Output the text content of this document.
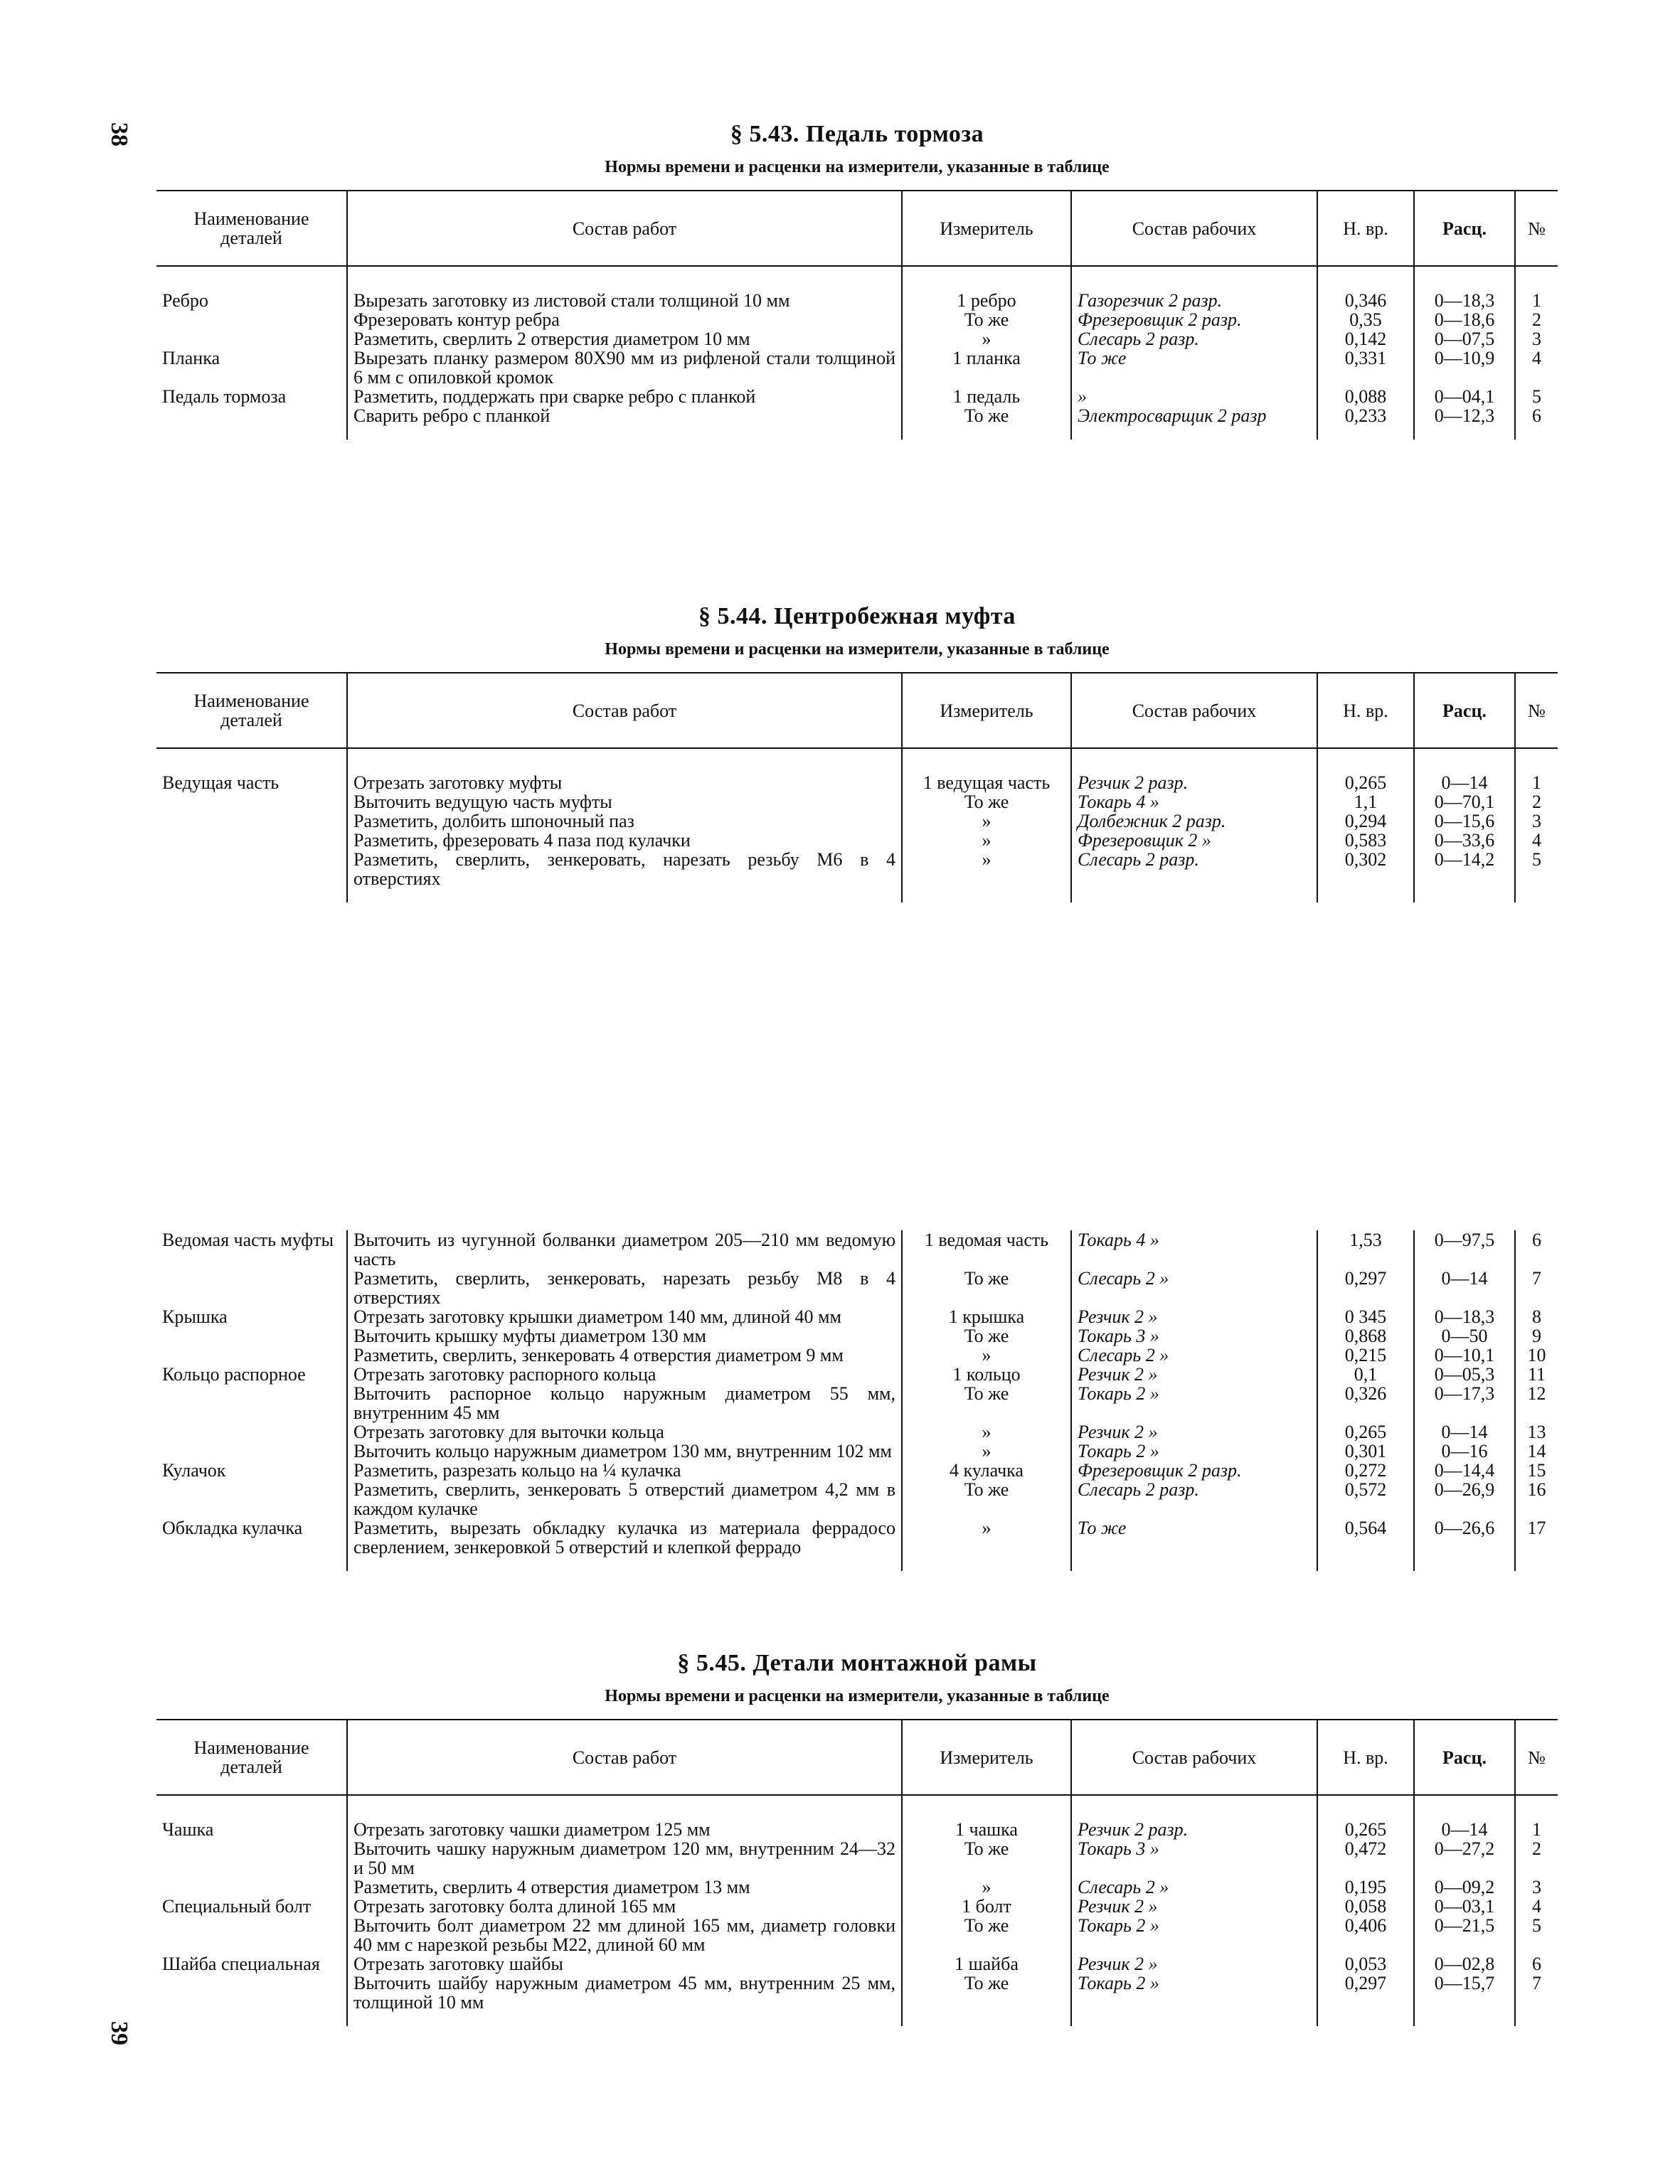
38
39
§ 5.43. Педаль тормоза
Нормы времени и расценки на измерители, указанные в таблице
Наименование деталей	Состав работ	Измеритель	Состав рабочих	Н. вр.	Расц.	№
Ребро	Вырезать заготовку из листовой стали толщиной 10 мм	1 ребро	Газорезчик 2 разр.	0,346	0—18,3	1
	Фрезеровать контур ребра	То же	Фрезеровщик 2 разр.	0,35	0—18,6	2
	Разметить, сверлить 2 отверстия диаметром 10 мм	»	Слесарь 2 разр.	0,142	0—07,5	3
Планка	Вырезать планку размером 80Х90 мм из рифленой стали толщиной 6 мм с опиловкой кромок	1 планка	То же	0,331	0—10,9	4
Педаль тормоза	Разметить, поддержать при сварке ребро с планкой	1 педаль	»	0,088	0—04,1	5
	Сварить ребро с планкой	То же	Электросварщик 2 разр	0,233	0—12,3	6
§ 5.44. Центробежная муфта
Нормы времени и расценки на измерители, указанные в таблице
Наименование деталей	Состав работ	Измеритель	Состав рабочих	Н. вр.	Расц.	№
Ведущая часть	Отрезать заготовку муфты	1 ведущая часть	Резчик 2 разр.	0,265	0—14	1
	Выточить ведущую часть муфты	То же	Токарь 4 »	1,1	0—70,1	2
	Разметить, долбить шпоночный паз	»	Долбежник 2 разр.	0,294	0—15,6	3
	Разметить, фрезеровать 4 паза под кулачки	»	Фрезеровщик 2 »	0,583	0—33,6	4
	Разметить, сверлить, зенкеровать, нарезать резьбу М6 в 4 отверстиях	»	Слесарь 2 разр.	0,302	0—14,2	5
Ведомая часть муфты	Выточить из чугунной болванки диаметром 205—210 мм ведомую часть	1 ведомая часть	Токарь 4 »	1,53	0—97,5	6
	Разметить, сверлить, зенкеровать, нарезать резьбу М8 в 4 отверстиях	То же	Слесарь 2 »	0,297	0—14	7
Крышка	Отрезать заготовку крышки диаметром 140 мм, длиной 40 мм	1 крышка	Резчик 2 »	0 345	0—18,3	8
	Выточить крышку муфты диаметром 130 мм	То же	Токарь 3 »	0,868	0—50	9
	Разметить, сверлить, зенкеровать 4 отверстия диаметром 9 мм	»	Слесарь 2 »	0,215	0—10,1	10
Кольцо распорное	Отрезать заготовку распорного кольца	1 кольцо	Резчик 2 »	0,1	0—05,3	11
	Выточить распорное кольцо наружным диаметром 55 мм, внутренним 45 мм	То же	Токарь 2 »	0,326	0—17,3	12
	Отрезать заготовку для выточки кольца	»	Резчик 2 »	0,265	0—14	13
	Выточить кольцо наружным диаметром 130 мм, внутренним 102 мм	»	Токарь 2 »	0,301	0—16	14
Кулачок	Разметить, разрезать кольцо на ¼ кулачка	4 кулачка	Фрезеровщик 2 разр.	0,272	0—14,4	15
	Разметить, сверлить, зенкеровать 5 отверстий диаметром 4,2 мм в каждом кулачке	То же	Слесарь 2 разр.	0,572	0—26,9	16
Обкладка кулачка	Разметить, вырезать обкладку кулачка из материала феррадосо сверлением, зенкеровкой 5 отверстий и клепкой феррадо	»	То же	0,564	0—26,6	17
§ 5.45. Детали монтажной рамы
Нормы времени и расценки на измерители, указанные в таблице
Наименование деталей	Состав работ	Измеритель	Состав рабочих	Н. вр.	Расц.	№
Чашка	Отрезать заготовку чашки диаметром 125 мм	1 чашка	Резчик 2 разр.	0,265	0—14	1
	Выточить чашку наружным диаметром 120 мм, внутренним 24—32 и 50 мм	То же	Токарь 3 »	0,472	0—27,2	2
	Разметить, сверлить 4 отверстия диаметром 13 мм	»	Слесарь 2 »	0,195	0—09,2	3
Специальный болт	Отрезать заготовку болта длиной 165 мм	1 болт	Резчик 2 »	0,058	0—03,1	4
	Выточить болт диаметром 22 мм длиной 165 мм, диаметр головки 40 мм с нарезкой резьбы М22, длиной 60 мм	То же	Токарь 2 »	0,406	0—21,5	5
Шайба специальная	Отрезать заготовку шайбы	1 шайба	Резчик 2 »	0,053	0—02,8	6
	Выточить шайбу наружным диаметром 45 мм, внутренним 25 мм, толщиной 10 мм	То же	Токарь 2 »	0,297	0—15,7	7
